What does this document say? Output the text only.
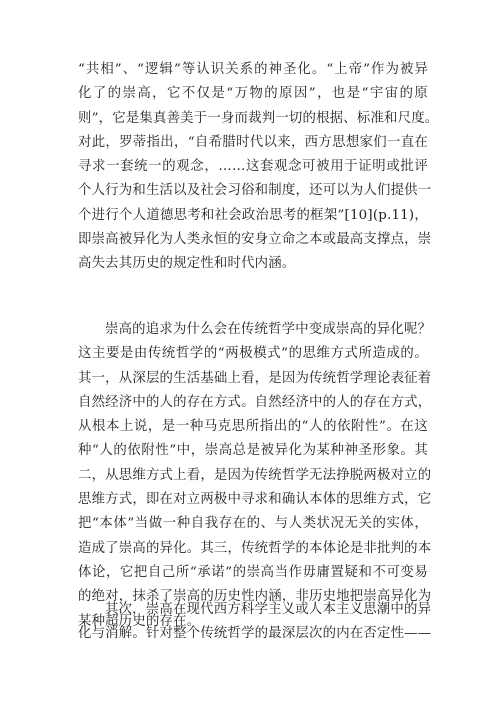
“共相”、“逻辑”等认识关系的神圣化。“上帝”作为被异
化了的崇高，它不仅是“万物的原因”，也是“宇宙的原
则”，它是集真善美于一身而裁判一切的根据、标准和尺度。
对此，罗蒂指出，“自希腊时代以来，西方思想家们一直在
寻求一套统一的观念，……这套观念可被用于证明或批评
个人行为和生活以及社会习俗和制度，还可以为人们提供一
个进行个人道德思考和社会政治思考的框架”[10](p.11)，
即崇高被异化为人类永恒的安身立命之本或最高支撑点，崇
高失去其历史的规定性和时代内涵。
崇高的追求为什么会在传统哲学中变成崇高的异化呢？
这主要是由传统哲学的“两极模式”的思维方式所造成的。
其一，从深层的生活基础上看，是因为传统哲学理论表征着
自然经济中的人的存在方式。自然经济中的人的存在方式，
从根本上说，是一种马克思所指出的“人的依附性”。在这
种“人的依附性”中，崇高总是被异化为某种神圣形象。其
二，从思维方式上看，是因为传统哲学无法挣脱两极对立的
思维方式，即在对立两极中寻求和确认本体的思维方式，它
把“本体”当做一种自我存在的、与人类状况无关的实体，
造成了崇高的异化。其三，传统哲学的本体论是非批判的本
体论，它把自己所“承诺”的崇高当作毋庸置疑和不可变易
的绝对，抹杀了崇高的历史性内涵，非历史地把崇高异化为
某种超历史的存在。
其次，崇高在现代西方科学主义或人本主义思潮中的异
化与消解。针对整个传统哲学的最深层次的内在否定性——
